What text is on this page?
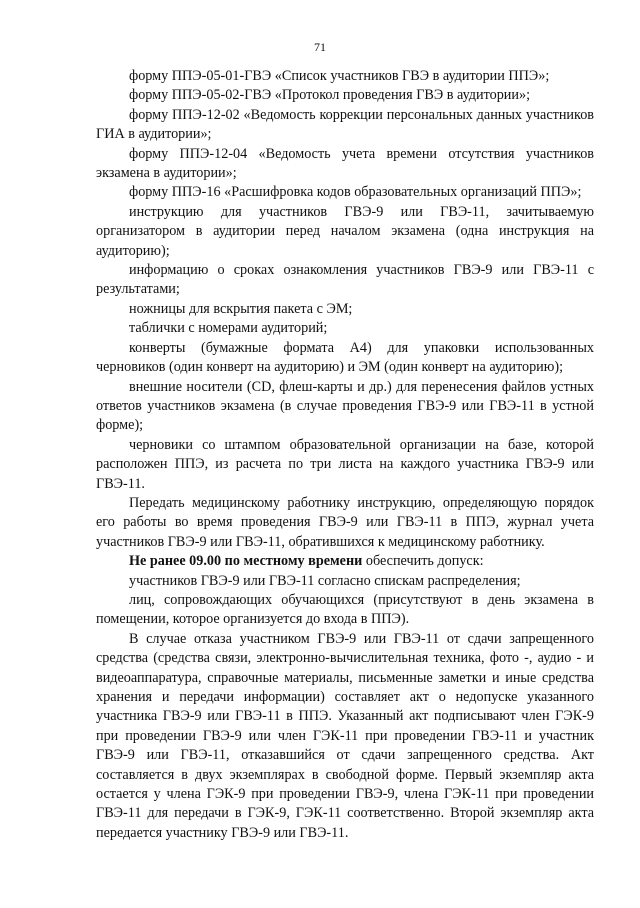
71

форму ППЭ-05-01-ГВЭ «Список участников ГВЭ в аудитории ППЭ»;

форму ППЭ-05-02-ГВЭ «Протокол проведения ГВЭ в аудитории»;

форму ППЭ-12-02 «Ведомость коррекции персональных данных участников ГИА в аудитории»;

форму ППЭ-12-04 «Ведомость учета времени отсутствия участников экзамена в аудитории»;

форму ППЭ-16 «Расшифровка кодов образовательных организаций ППЭ»;

инструкцию для участников ГВЭ-9 или ГВЭ-11, зачитываемую организатором в аудитории перед началом экзамена (одна инструкция на аудиторию);

информацию о сроках ознакомления участников ГВЭ-9 или ГВЭ-11 с результатами;

ножницы для вскрытия пакета с ЭМ;

таблички с номерами аудиторий;

конверты (бумажные формата А4) для упаковки использованных черновиков (один конверт на аудиторию) и ЭМ (один конверт на аудиторию);

внешние носители (CD, флеш-карты и др.) для перенесения файлов устных ответов участников экзамена (в случае проведения ГВЭ-9 или ГВЭ-11 в устной форме);

черновики со штампом образовательной организации на базе, которой расположен ППЭ, из расчета по три листа на каждого участника ГВЭ-9 или ГВЭ-11.

Передать медицинскому работнику инструкцию, определяющую порядок его работы во время проведения ГВЭ-9 или ГВЭ-11 в ППЭ, журнал учета участников ГВЭ-9 или ГВЭ-11, обратившихся к медицинскому работнику.

Не ранее 09.00 по местному времени обеспечить допуск:

участников ГВЭ-9 или ГВЭ-11 согласно спискам распределения;

лиц, сопровождающих обучающихся (присутствуют в день экзамена в помещении, которое организуется до входа в ППЭ).

В случае отказа участником ГВЭ-9 или ГВЭ-11 от сдачи запрещенного средства (средства связи, электронно-вычислительная техника, фото -, аудио - и видеоаппаратура, справочные материалы, письменные заметки и иные средства хранения и передачи информации) составляет акт о недопуске указанного участника ГВЭ-9 или ГВЭ-11 в ППЭ. Указанный акт подписывают член ГЭК-9 при проведении ГВЭ-9 или член ГЭК-11 при проведении ГВЭ-11 и участник ГВЭ-9 или ГВЭ-11, отказавшийся от сдачи запрещенного средства. Акт составляется в двух экземплярах в свободной форме. Первый экземпляр акта остается у члена ГЭК-9 при проведении ГВЭ-9, члена ГЭК-11 при проведении ГВЭ-11 для передачи в ГЭК-9, ГЭК-11 соответственно. Второй экземпляр акта передается участнику ГВЭ-9 или ГВЭ-11.
